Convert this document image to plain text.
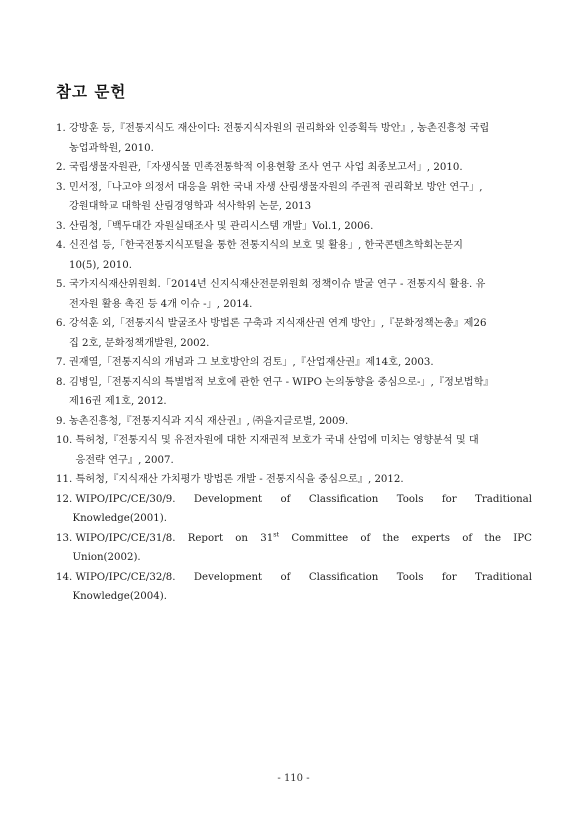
참고 문헌
1. 강방훈 등,『전통지식도 재산이다: 전통지식자원의 권리화와 인증획득 방안』, 농촌진흥청 국립
농업과학원, 2010.
2. 국립생물자원관,「자생식물 민족전통학적 이용현황 조사 연구 사업 최종보고서」, 2010.
3. 민서정,「나고야 의정서 대응을 위한 국내 자생 산림생물자원의 주권적 권리확보 방안 연구」,
강원대학교 대학원 산림경영학과 석사학위 논문, 2013
3. 산림청,「백두대간 자원실태조사 및 관리시스템 개발」Vol.1, 2006.
4. 신진섭 등,「한국전통지식포털을 통한 전통지식의 보호 및 활용」, 한국콘텐츠학회논문지
10(5), 2010.
5. 국가지식재산위원회.「2014년 신지식재산전문위원회 정책이슈 발굴 연구 - 전통지식 활용. 유
전자원 활용 촉진 등 4개 이슈 -」, 2014.
6. 강석훈 외,「전통지식 발굴조사 방법론 구축과 지식재산권 연계 방안」,『문화정책논총』제26
집 2호, 문화정책개발원, 2002.
7. 권재열,「전통지식의 개념과 그 보호방안의 검토」,『산업재산권』제14호, 2003.
8. 김병일,「전통지식의 특별법적 보호에 관한 연구 - WIPO 논의동향을 중심으로-」,『정보법학』
제16권 제1호, 2012.
9. 농촌진흥청,『전통지식과 지식 재산권』, ㈜을지글로벌, 2009.
10. 특허청,『전통지식 및 유전자원에 대한 지재권적 보호가 국내 산업에 미치는 영향분석 및 대
응전략 연구』, 2007.
11. 특허청,『지식재산 가치평가 방법론 개발 - 전통지식을 중심으로』, 2012.
12. WIPO/IPC/CE/30/9. Development of Classification Tools for Traditional
Knowledge(2001).
13. WIPO/IPC/CE/31/8. Report on 31st Committee of the experts of the IPC
Union(2002).
14. WIPO/IPC/CE/32/8. Development of Classification Tools for Traditional
Knowledge(2004).
- 110 -
